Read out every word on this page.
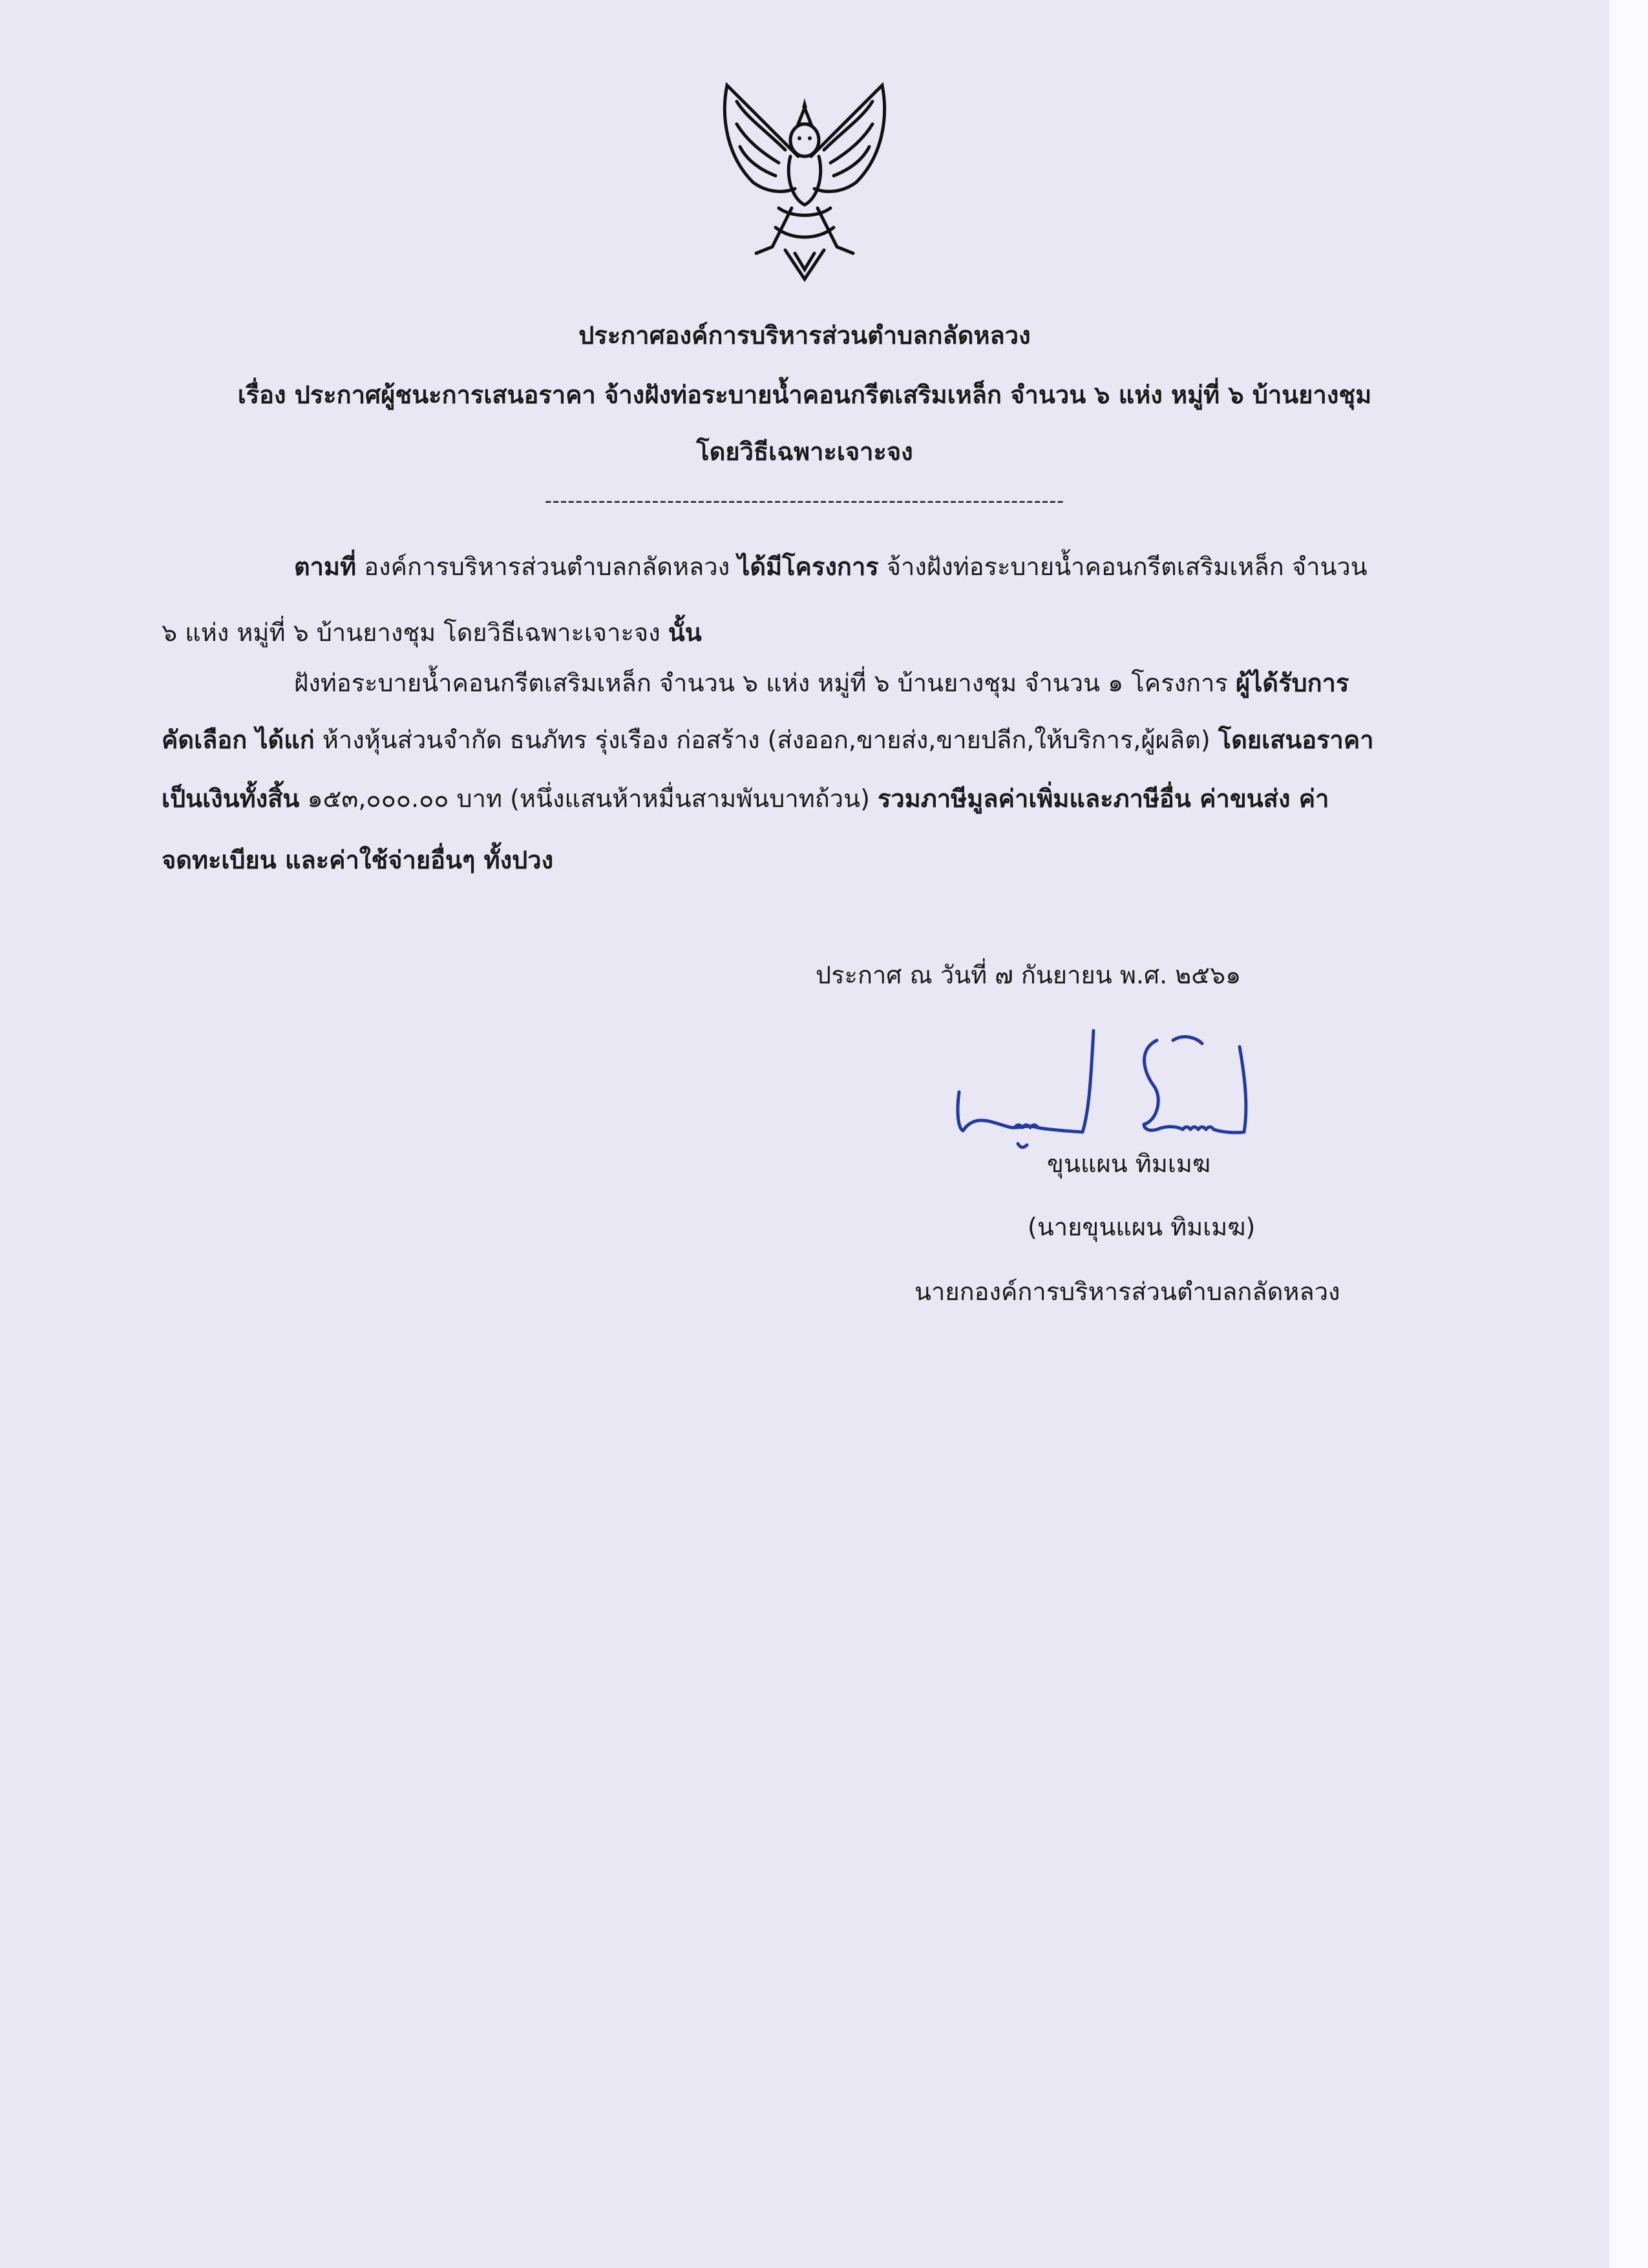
ประกาศองค์การบริหารส่วนตำบลกลัดหลวง
เรื่อง ประกาศผู้ชนะการเสนอราคา จ้างฝังท่อระบายน้ำคอนกรีตเสริมเหล็ก จำนวน ๖ แห่ง หมู่ที่ ๖ บ้านยางชุม
โดยวิธีเฉพาะเจาะจง
--------------------------------------------------------------------
ตามที่ องค์การบริหารส่วนตำบลกลัดหลวง ได้มีโครงการ จ้างฝังท่อระบายน้ำคอนกรีตเสริมเหล็ก จำนวน
๖ แห่ง หมู่ที่ ๖ บ้านยางชุม โดยวิธีเฉพาะเจาะจง นั้น
ฝังท่อระบายน้ำคอนกรีตเสริมเหล็ก จำนวน ๖ แห่ง หมู่ที่ ๖ บ้านยางชุม จำนวน ๑ โครงการ ผู้ได้รับการ
คัดเลือก ได้แก่ ห้างหุ้นส่วนจำกัด ธนภัทร รุ่งเรือง ก่อสร้าง (ส่งออก,ขายส่ง,ขายปลีก,ให้บริการ,ผู้ผลิต) โดยเสนอราคา
เป็นเงินทั้งสิ้น ๑๕๓,๐๐๐.๐๐ บาท (หนึ่งแสนห้าหมื่นสามพันบาทถ้วน) รวมภาษีมูลค่าเพิ่มและภาษีอื่น ค่าขนส่ง ค่า
จดทะเบียน และค่าใช้จ่ายอื่นๆ ทั้งปวง
ประกาศ ณ วันที่ ๗ กันยายน พ.ศ. ๒๕๖๑
ขุนแผน ทิมเมฆ
(นายขุนแผน ทิมเมฆ)
นายกองค์การบริหารส่วนตำบลกลัดหลวง
